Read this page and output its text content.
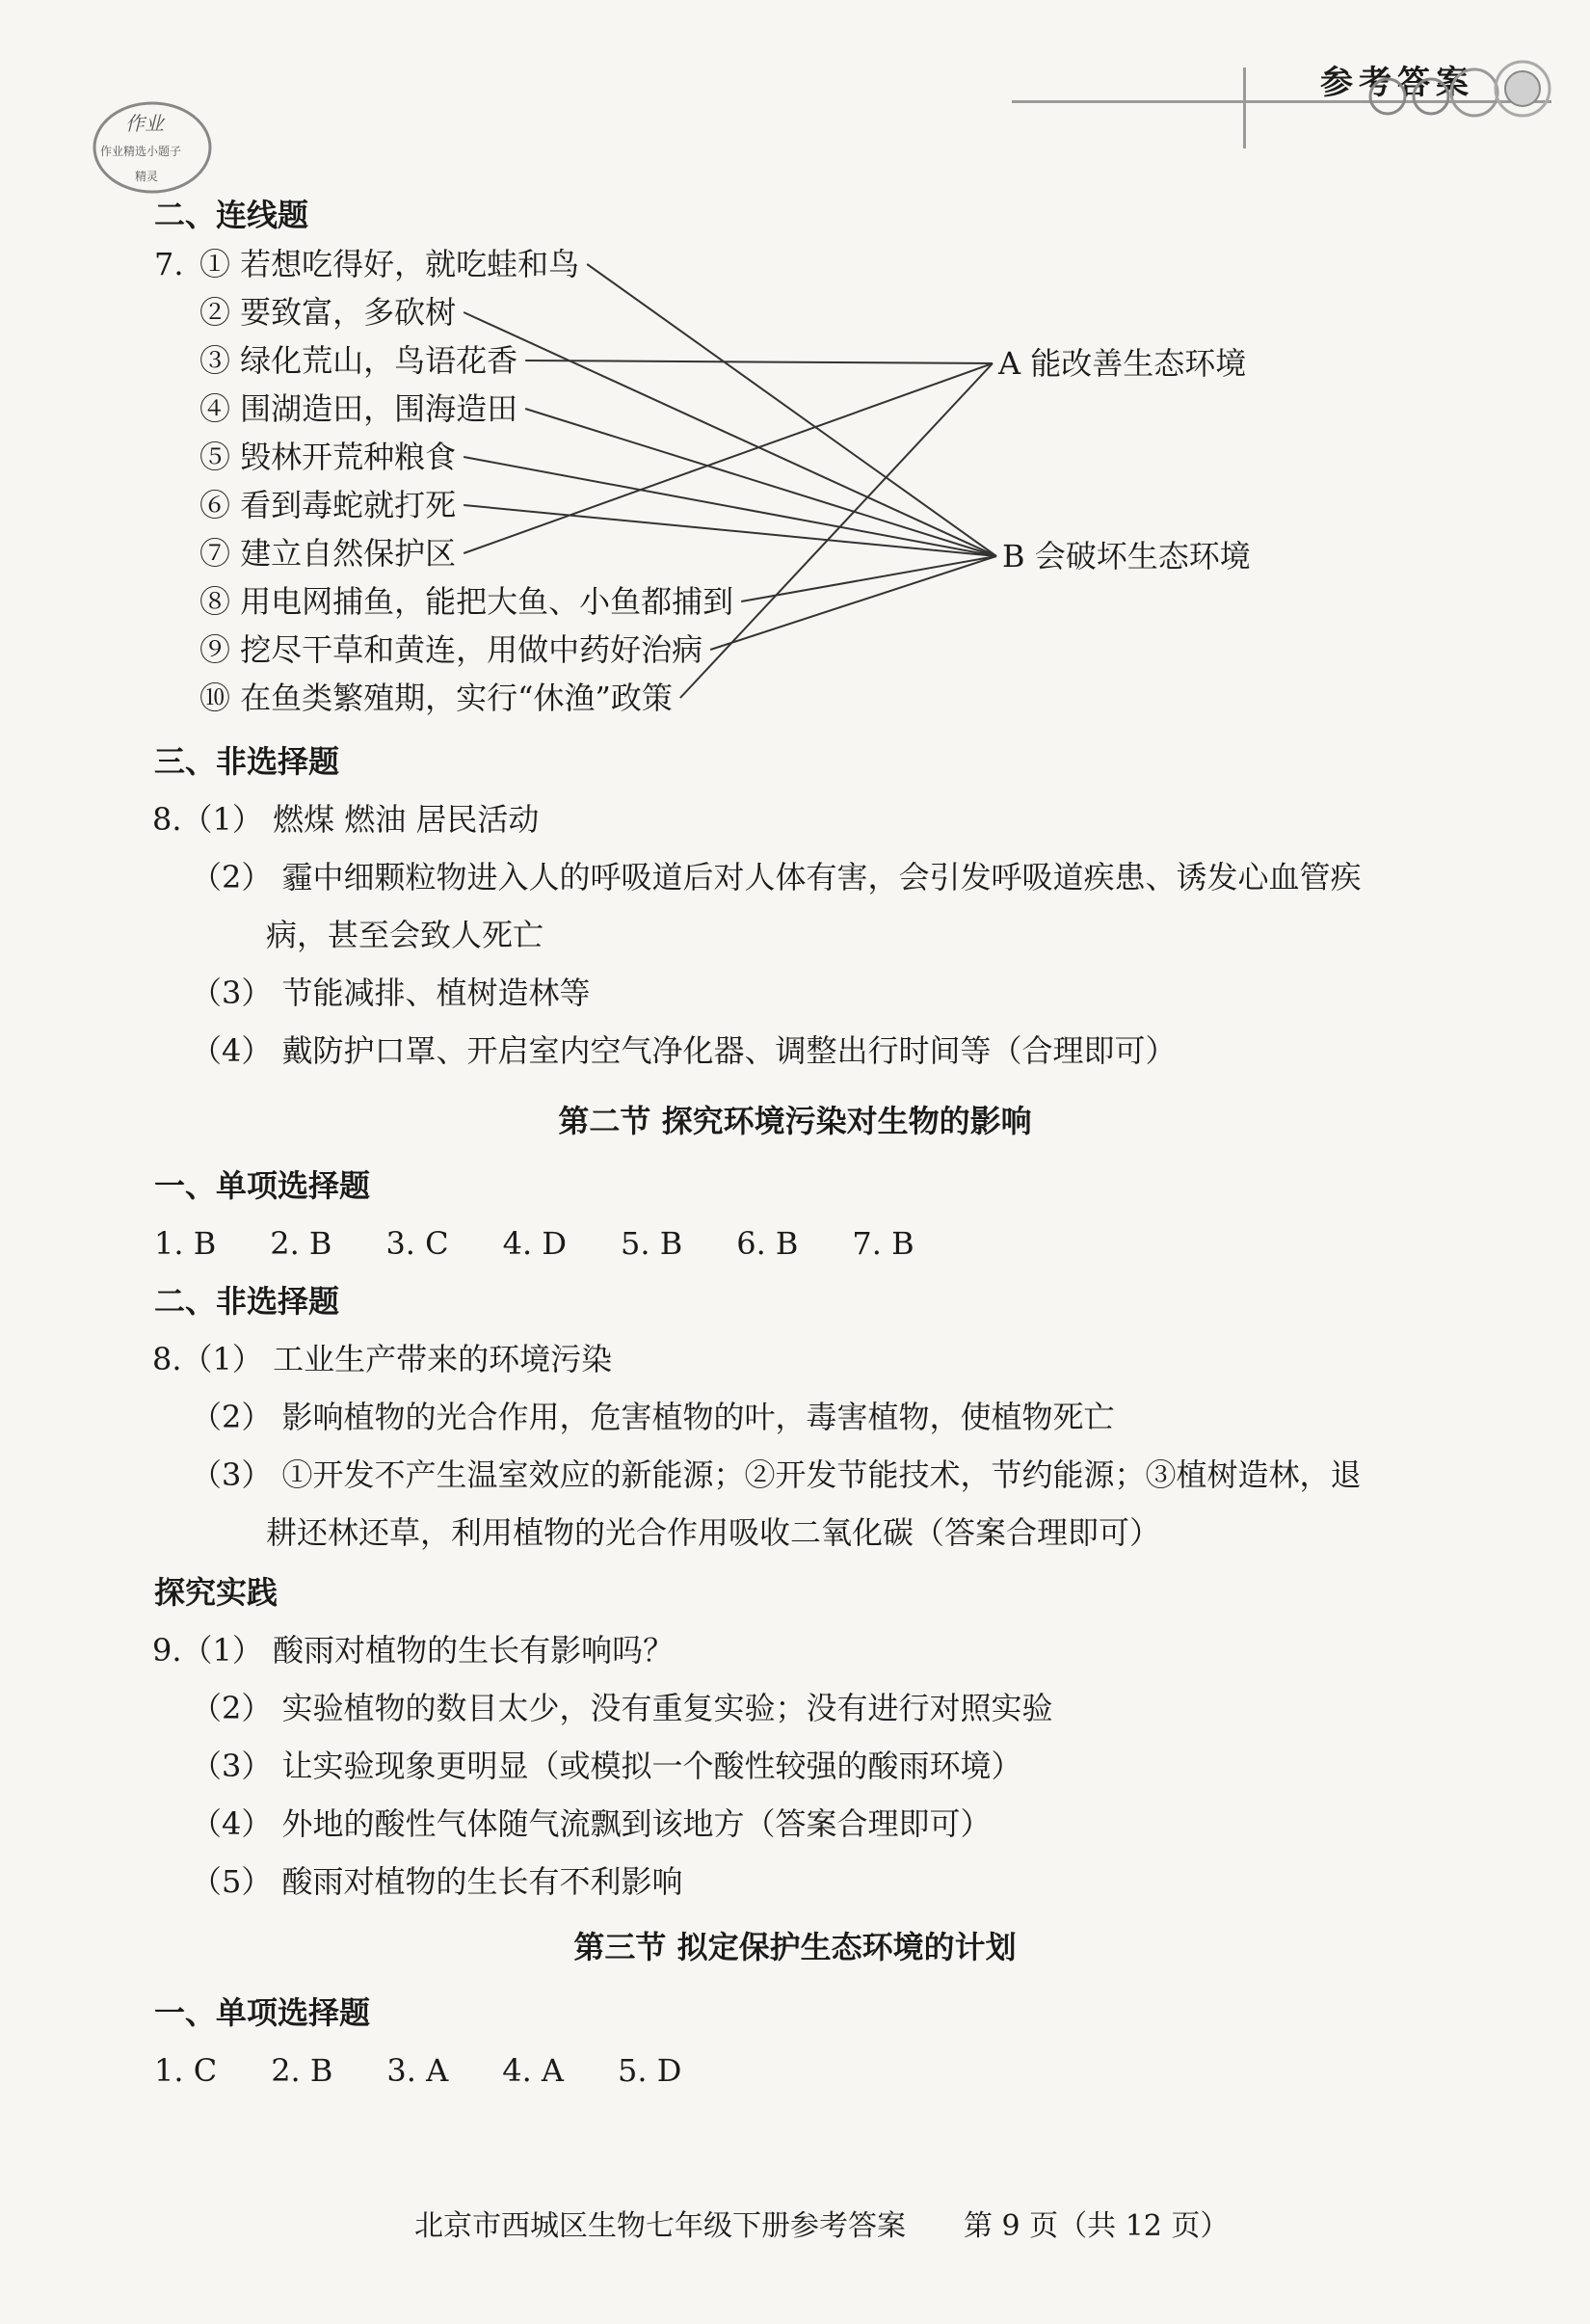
参考答案
作业
作业精选小题子
精灵
二、连线题
7. ① 若想吃得好，就吃蛙和鸟
② 要致富，多砍树
③ 绿化荒山，鸟语花香
④ 围湖造田，围海造田
⑤ 毁林开荒种粮食
⑥ 看到毒蛇就打死
⑦ 建立自然保护区
⑧ 用电网捕鱼，能把大鱼、小鱼都捕到
⑨ 挖尽干草和黄连，用做中药好治病
⑩ 在鱼类繁殖期，实行“休渔”政策
A 能改善生态环境
B 会破坏生态环境
三、非选择题
8.（1） 燃煤 燃油 居民活动
（2） 霾中细颗粒物进入人的呼吸道后对人体有害，会引发呼吸道疾患、诱发心血管疾
病，甚至会致人死亡
（3） 节能减排、植树造林等
（4） 戴防护口罩、开启室内空气净化器、调整出行时间等（合理即可）
第二节 探究环境污染对生物的影响
一、单项选择题
1. B 2. B 3. C 4. D 5. B 6. B 7. B
二、非选择题
8.（1） 工业生产带来的环境污染
（2） 影响植物的光合作用，危害植物的叶，毒害植物，使植物死亡
（3） ①开发不产生温室效应的新能源；②开发节能技术，节约能源；③植树造林，退
耕还林还草，利用植物的光合作用吸收二氧化碳（答案合理即可）
探究实践
9.（1） 酸雨对植物的生长有影响吗？
（2） 实验植物的数目太少，没有重复实验；没有进行对照实验
（3） 让实验现象更明显（或模拟一个酸性较强的酸雨环境）
（4） 外地的酸性气体随气流飘到该地方（答案合理即可）
（5） 酸雨对植物的生长有不利影响
第三节 拟定保护生态环境的计划
一、单项选择题
1. C 2. B 3. A 4. A 5. D
北京市西城区生物七年级下册参考答案 第 9 页（共 12 页）
